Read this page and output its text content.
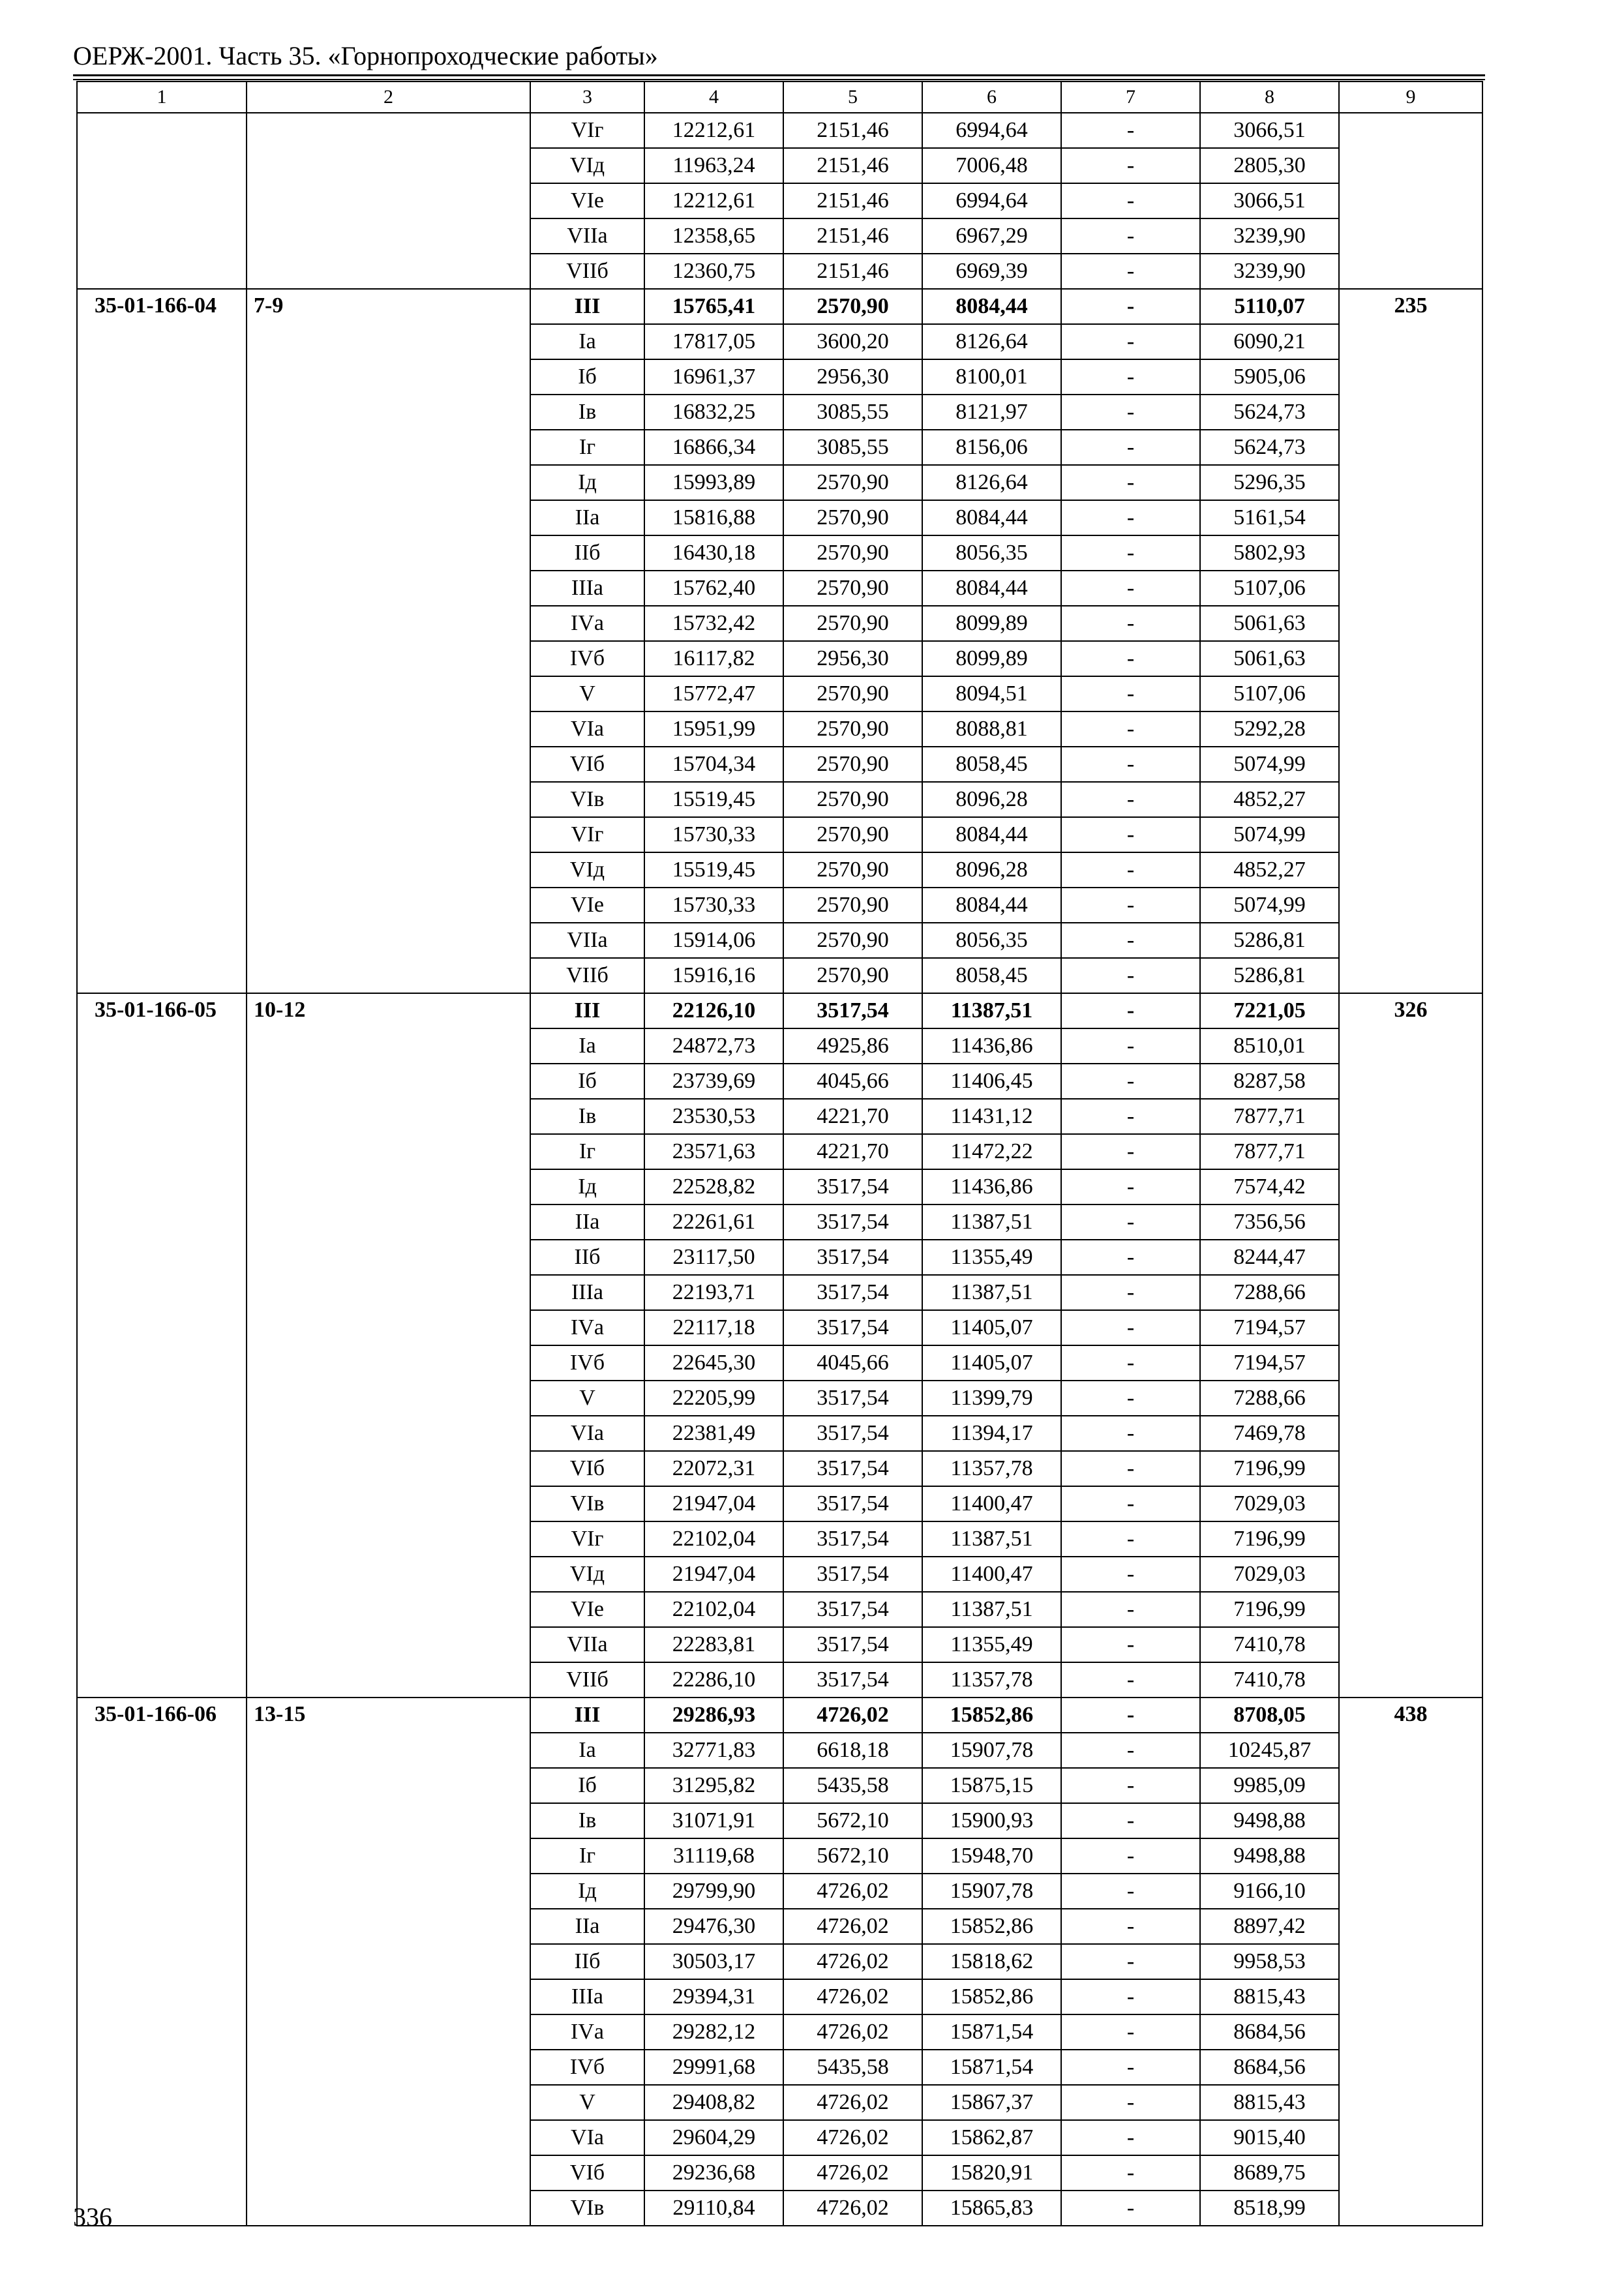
ОЕРЖ-2001. Часть 35. «Горнопроходческие работы»
1	2	3	4	5	6	7	8	9
		VIг	12212,61	2151,46	6994,64	-	3066,51	
		VIд	11963,24	2151,46	7006,48	-	2805,30	
		VIе	12212,61	2151,46	6994,64	-	3066,51	
		VIIа	12358,65	2151,46	6967,29	-	3239,90	
		VIIб	12360,75	2151,46	6969,39	-	3239,90	
35-01-166-04	7-9	III	15765,41	2570,90	8084,44	-	5110,07	235
		Iа	17817,05	3600,20	8126,64	-	6090,21	
		Iб	16961,37	2956,30	8100,01	-	5905,06	
		Iв	16832,25	3085,55	8121,97	-	5624,73	
		Iг	16866,34	3085,55	8156,06	-	5624,73	
		Iд	15993,89	2570,90	8126,64	-	5296,35	
		IIа	15816,88	2570,90	8084,44	-	5161,54	
		IIб	16430,18	2570,90	8056,35	-	5802,93	
		IIIа	15762,40	2570,90	8084,44	-	5107,06	
		IVа	15732,42	2570,90	8099,89	-	5061,63	
		IVб	16117,82	2956,30	8099,89	-	5061,63	
		V	15772,47	2570,90	8094,51	-	5107,06	
		VIа	15951,99	2570,90	8088,81	-	5292,28	
		VIб	15704,34	2570,90	8058,45	-	5074,99	
		VIв	15519,45	2570,90	8096,28	-	4852,27	
		VIг	15730,33	2570,90	8084,44	-	5074,99	
		VIд	15519,45	2570,90	8096,28	-	4852,27	
		VIе	15730,33	2570,90	8084,44	-	5074,99	
		VIIа	15914,06	2570,90	8056,35	-	5286,81	
		VIIб	15916,16	2570,90	8058,45	-	5286,81	
35-01-166-05	10-12	III	22126,10	3517,54	11387,51	-	7221,05	326
		Iа	24872,73	4925,86	11436,86	-	8510,01	
		Iб	23739,69	4045,66	11406,45	-	8287,58	
		Iв	23530,53	4221,70	11431,12	-	7877,71	
		Iг	23571,63	4221,70	11472,22	-	7877,71	
		Iд	22528,82	3517,54	11436,86	-	7574,42	
		IIа	22261,61	3517,54	11387,51	-	7356,56	
		IIб	23117,50	3517,54	11355,49	-	8244,47	
		IIIа	22193,71	3517,54	11387,51	-	7288,66	
		IVа	22117,18	3517,54	11405,07	-	7194,57	
		IVб	22645,30	4045,66	11405,07	-	7194,57	
		V	22205,99	3517,54	11399,79	-	7288,66	
		VIа	22381,49	3517,54	11394,17	-	7469,78	
		VIб	22072,31	3517,54	11357,78	-	7196,99	
		VIв	21947,04	3517,54	11400,47	-	7029,03	
		VIг	22102,04	3517,54	11387,51	-	7196,99	
		VIд	21947,04	3517,54	11400,47	-	7029,03	
		VIе	22102,04	3517,54	11387,51	-	7196,99	
		VIIа	22283,81	3517,54	11355,49	-	7410,78	
		VIIб	22286,10	3517,54	11357,78	-	7410,78	
35-01-166-06	13-15	III	29286,93	4726,02	15852,86	-	8708,05	438
		Iа	32771,83	6618,18	15907,78	-	10245,87	
		Iб	31295,82	5435,58	15875,15	-	9985,09	
		Iв	31071,91	5672,10	15900,93	-	9498,88	
		Iг	31119,68	5672,10	15948,70	-	9498,88	
		Iд	29799,90	4726,02	15907,78	-	9166,10	
		IIа	29476,30	4726,02	15852,86	-	8897,42	
		IIб	30503,17	4726,02	15818,62	-	9958,53	
		IIIа	29394,31	4726,02	15852,86	-	8815,43	
		IVа	29282,12	4726,02	15871,54	-	8684,56	
		IVб	29991,68	5435,58	15871,54	-	8684,56	
		V	29408,82	4726,02	15867,37	-	8815,43	
		VIа	29604,29	4726,02	15862,87	-	9015,40	
		VIб	29236,68	4726,02	15820,91	-	8689,75	
		VIв	29110,84	4726,02	15865,83	-	8518,99	
336
